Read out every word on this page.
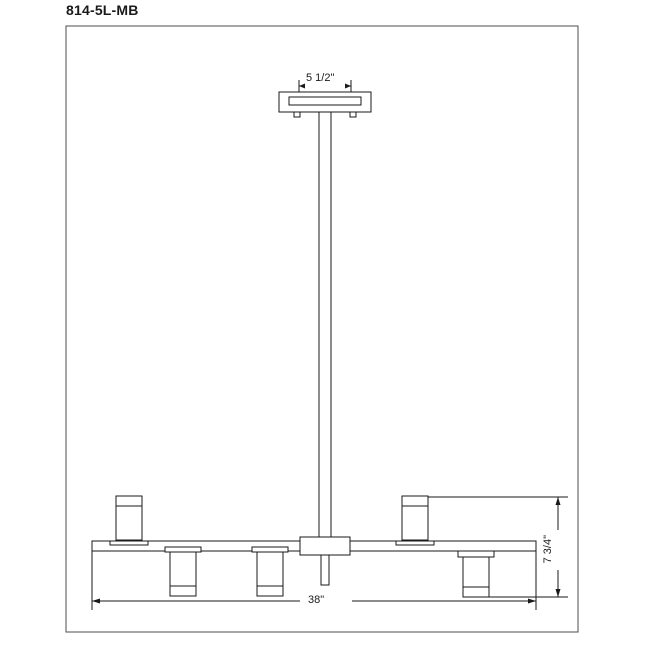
814-5L-MB
5 1/2"
38"
7 3/4"
